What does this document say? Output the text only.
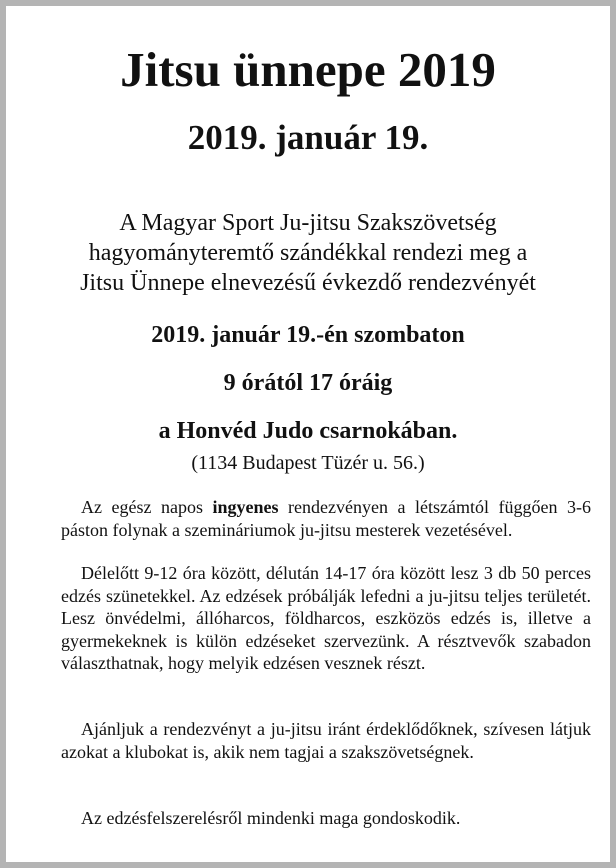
Jitsu ünnepe 2019
2019. január 19.
A Magyar Sport Ju-jitsu Szakszövetség
hagyományteremtő szándékkal rendezi meg a
Jitsu Ünnepe elnevezésű évkezdő rendezvényét
2019. január 19.-én szombaton
9 órától 17 óráig
a Honvéd Judo csarnokában.
(1134 Budapest Tüzér u. 56.)

Az egész napos ingyenes rendezvényen a létszámtól függően 3-6 páston folynak a szemináriumok ju-jitsu mesterek vezetésével.

Délelőtt 9-12 óra között, délután 14-17 óra között lesz 3 db 50 perces edzés szünetekkel. Az edzések próbálják lefedni a ju-jitsu teljes területét. Lesz önvédelmi, állóharcos, földharcos, eszközös edzés is, illetve a gyermekeknek is külön edzéseket szervezünk. A résztvevők szabadon választhatnak, hogy melyik edzésen vesznek részt.

Ajánljuk a rendezvényt a ju-jitsu iránt érdeklődőknek, szívesen látjuk azokat a klubokat is, akik nem tagjai a szakszövetségnek.

Az edzésfelszerelésről mindenki maga gondoskodik.
